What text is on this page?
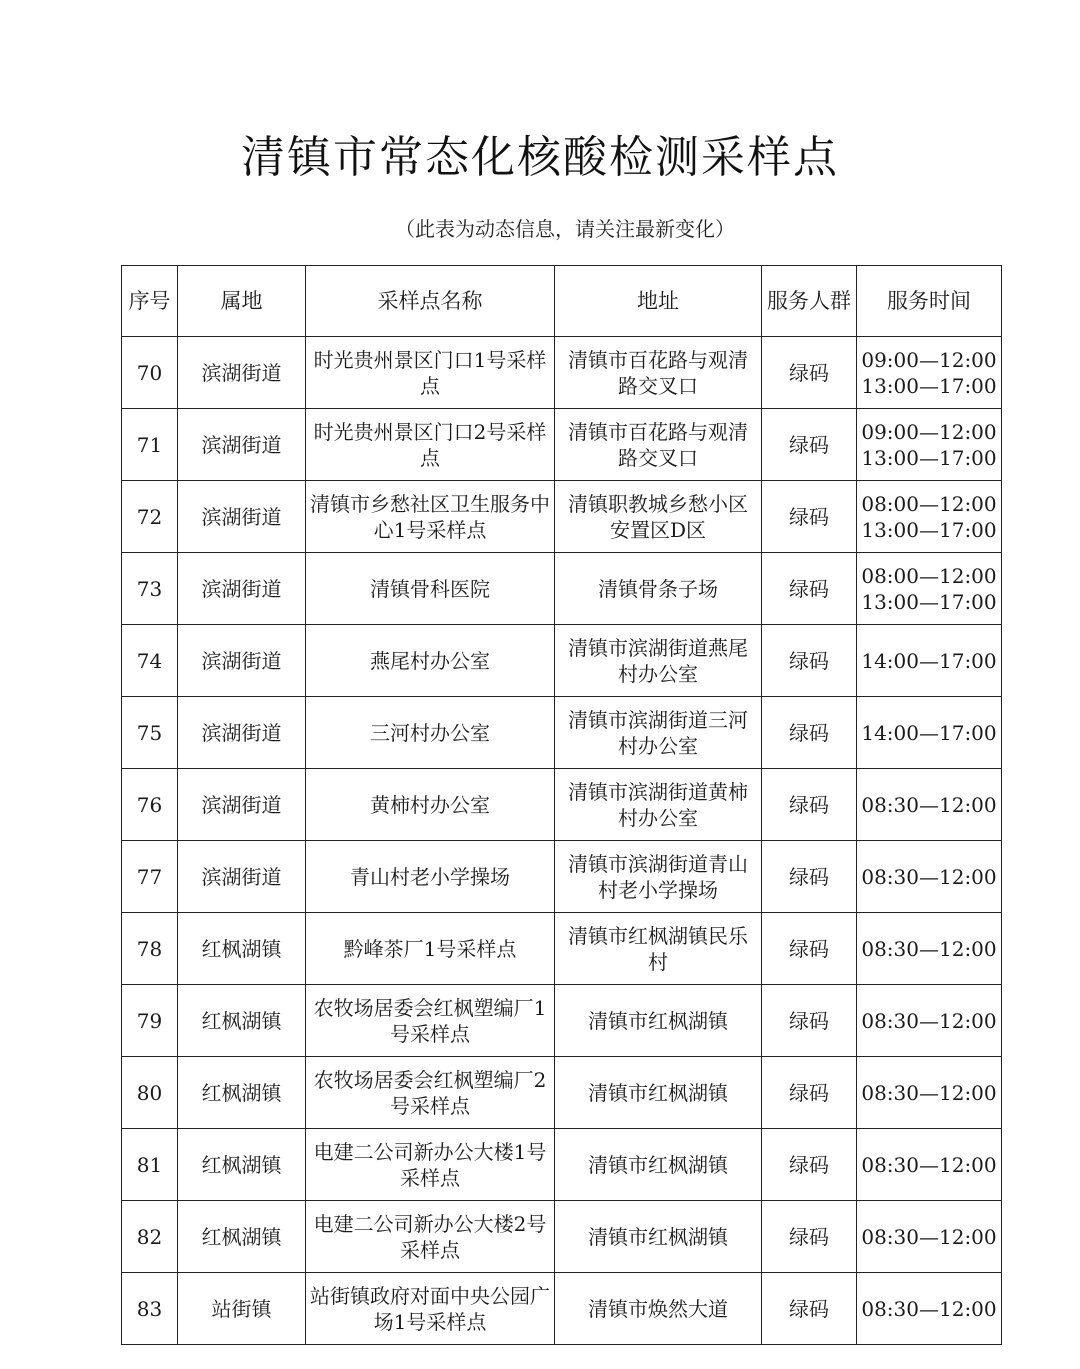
清镇市常态化核酸检测采样点
（此表为动态信息，请关注最新变化）
序号	属地	采样点名称	地址	服务人群	服务时间
70	滨湖街道	时光贵州景区门口1号采样点	清镇市百花路与观清路交叉口	绿码	09:00—12:00
13:00—17:00

71	滨湖街道	时光贵州景区门口2号采样点	清镇市百花路与观清路交叉口	绿码	09:00—12:00
13:00—17:00

72	滨湖街道	清镇市乡愁社区卫生服务中心1号采样点	清镇职教城乡愁小区安置区D区	绿码	08:00—12:00
13:00—17:00

73	滨湖街道	清镇骨科医院	清镇骨条子场	绿码	08:00—12:00
13:00—17:00

74	滨湖街道	燕尾村办公室	清镇市滨湖街道燕尾村办公室	绿码	14:00—17:00

75	滨湖街道	三河村办公室	清镇市滨湖街道三河村办公室	绿码	14:00—17:00

76	滨湖街道	黄柿村办公室	清镇市滨湖街道黄柿村办公室	绿码	08:30—12:00

77	滨湖街道	青山村老小学操场	清镇市滨湖街道青山村老小学操场	绿码	08:30—12:00

78	红枫湖镇	黔峰茶厂1号采样点	清镇市红枫湖镇民乐村	绿码	08:30—12:00

79	红枫湖镇	农牧场居委会红枫塑编厂1号采样点	清镇市红枫湖镇	绿码	08:30—12:00

80	红枫湖镇	农牧场居委会红枫塑编厂2号采样点	清镇市红枫湖镇	绿码	08:30—12:00

81	红枫湖镇	电建二公司新办公大楼1号采样点	清镇市红枫湖镇	绿码	08:30—12:00

82	红枫湖镇	电建二公司新办公大楼2号采样点	清镇市红枫湖镇	绿码	08:30—12:00

83	站街镇	站街镇政府对面中央公园广场1号采样点	清镇市焕然大道	绿码	08:30—12:00
